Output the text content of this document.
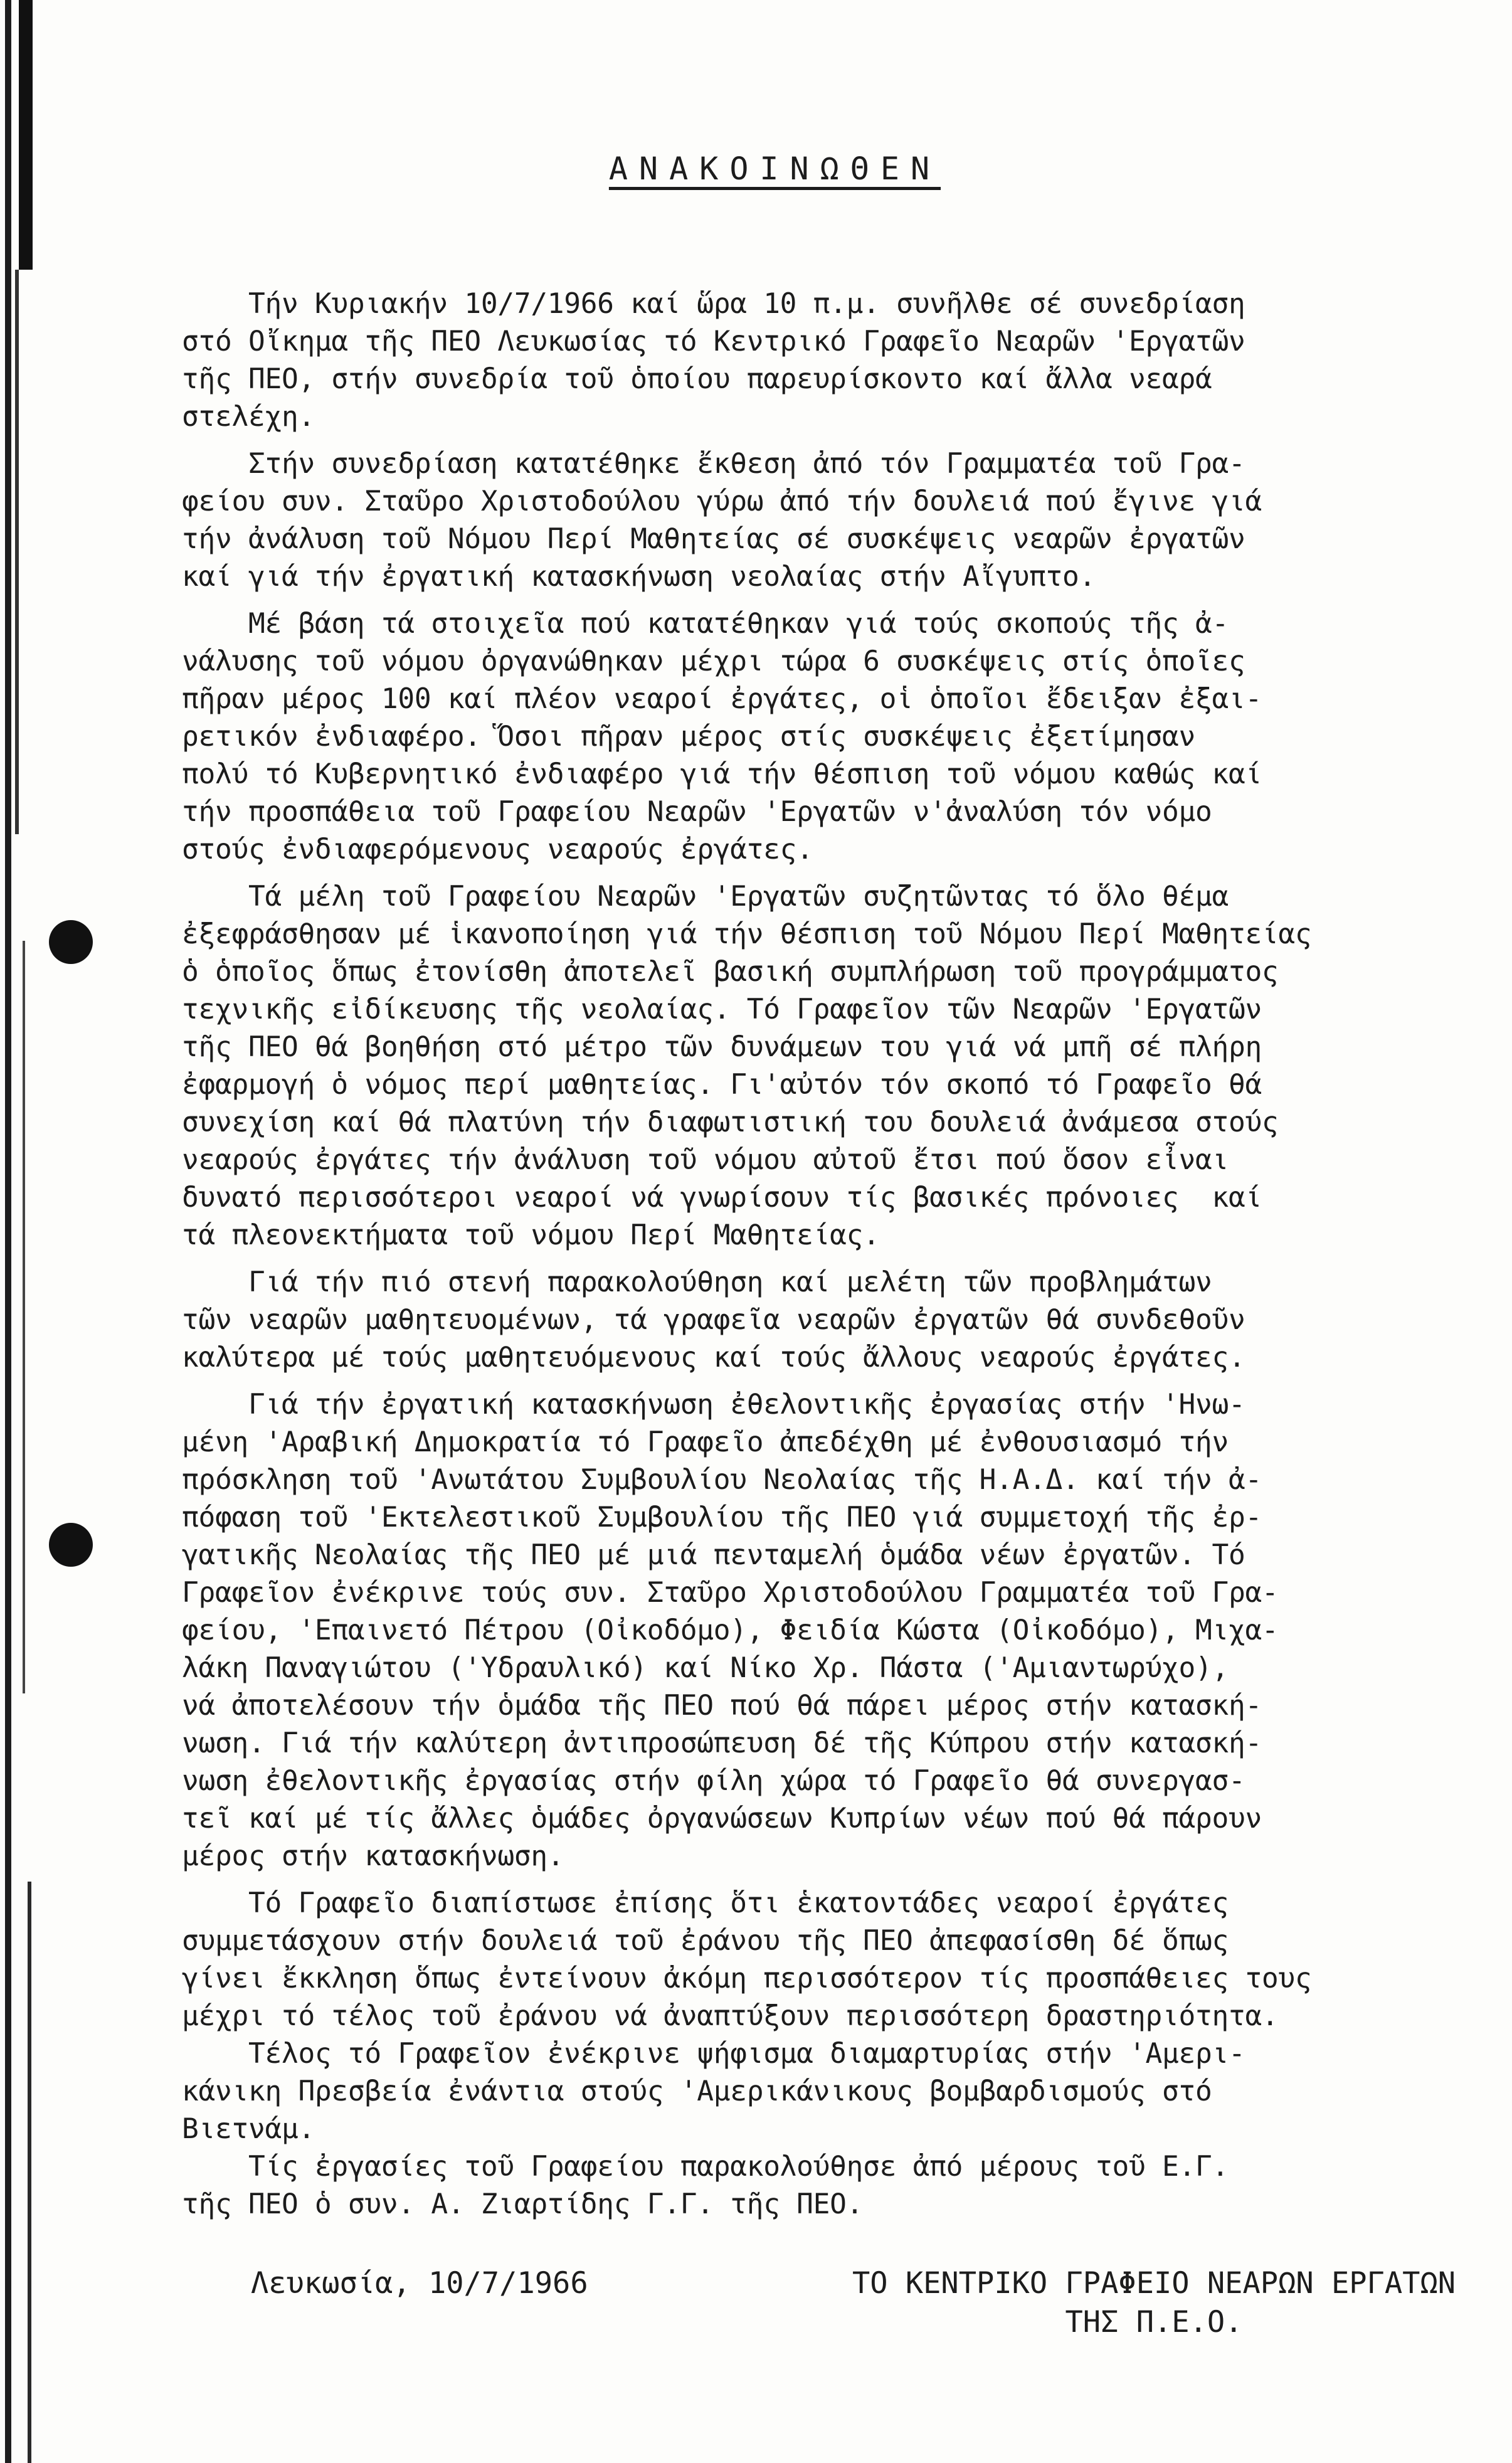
ΑΝΑΚΟΙΝΩΘΕΝ
Τήν Κυριακήν 10/7/1966 καί ὥρα 10 π.μ. συνῆλθε σέ συνεδρίαση
στό Οἴκημα τῆς ΠΕΟ Λευκωσίας τό Κεντρικό Γραφεῖο Νεαρῶν 'Εργατῶν
τῆς ΠΕΟ, στήν συνεδρία τοῦ ὁποίου παρευρίσκοντο καί ἄλλα νεαρά
στελέχη.
Στήν συνεδρίαση κατατέθηκε ἔκθεση ἀπό τόν Γραμματέα τοῦ Γρα-
φείου συν. Σταῦρο Χριστοδούλου γύρω ἀπό τήν δουλειά πού ἔγινε γιά
τήν ἀνάλυση τοῦ Νόμου Περί Μαθητείας σέ συσκέψεις νεαρῶν ἐργατῶν
καί γιά τήν ἐργατική κατασκήνωση νεολαίας στήν Αἴγυπτο.
Μέ βάση τά στοιχεῖα πού κατατέθηκαν γιά τούς σκοπούς τῆς ἀ-
νάλυσης τοῦ νόμου ὀργανώθηκαν μέχρι τώρα 6 συσκέψεις στίς ὁποῖες
πῆραν μέρος 100 καί πλέον νεαροί ἐργάτες, οἱ ὁποῖοι ἔδειξαν ἐξαι-
ρετικόν ἐνδιαφέρο. Ὅσοι πῆραν μέρος στίς συσκέψεις ἐξετίμησαν
πολύ τό Κυβερνητικό ἐνδιαφέρο γιά τήν θέσπιση τοῦ νόμου καθώς καί
τήν προσπάθεια τοῦ Γραφείου Νεαρῶν 'Εργατῶν ν'ἀναλύση τόν νόμο
στούς ἐνδιαφερόμενους νεαρούς ἐργάτες.
Τά μέλη τοῦ Γραφείου Νεαρῶν 'Εργατῶν συζητῶντας τό ὅλο θέμα
ἐξεφράσθησαν μέ ἱκανοποίηση γιά τήν θέσπιση τοῦ Νόμου Περί Μαθητείας
ὁ ὁποῖος ὅπως ἐτονίσθη ἀποτελεῖ βασική συμπλήρωση τοῦ προγράμματος
τεχνικῆς εἰδίκευσης τῆς νεολαίας. Τό Γραφεῖον τῶν Νεαρῶν 'Εργατῶν
τῆς ΠΕΟ θά βοηθήση στό μέτρο τῶν δυνάμεων του γιά νά μπῆ σέ πλήρη
ἐφαρμογή ὁ νόμος περί μαθητείας. Γι'αὐτόν τόν σκοπό τό Γραφεῖο θά
συνεχίση καί θά πλατύνη τήν διαφωτιστική του δουλειά ἀνάμεσα στούς
νεαρούς ἐργάτες τήν ἀνάλυση τοῦ νόμου αὐτοῦ ἔτσι πού ὅσον εἶναι
δυνατό περισσότεροι νεαροί νά γνωρίσουν τίς βασικές πρόνοιες  καί
τά πλεονεκτήματα τοῦ νόμου Περί Μαθητείας.
Γιά τήν πιό στενή παρακολούθηση καί μελέτη τῶν προβλημάτων
τῶν νεαρῶν μαθητευομένων, τά γραφεῖα νεαρῶν ἐργατῶν θά συνδεθοῦν
καλύτερα μέ τούς μαθητευόμενους καί τούς ἄλλους νεαρούς ἐργάτες.
Γιά τήν ἐργατική κατασκήνωση ἐθελοντικῆς ἐργασίας στήν 'Ηνω-
μένη 'Αραβική Δημοκρατία τό Γραφεῖο ἀπεδέχθη μέ ἐνθουσιασμό τήν
πρόσκληση τοῦ 'Ανωτάτου Συμβουλίου Νεολαίας τῆς Η.Α.Δ. καί τήν ἀ-
πόφαση τοῦ 'Εκτελεστικοῦ Συμβουλίου τῆς ΠΕΟ γιά συμμετοχή τῆς ἐρ-
γατικῆς Νεολαίας τῆς ΠΕΟ μέ μιά πενταμελή ὁμάδα νέων ἐργατῶν. Τό
Γραφεῖον ἐνέκρινε τούς συν. Σταῦρο Χριστοδούλου Γραμματέα τοῦ Γρα-
φείου, 'Επαινετό Πέτρου (Οἰκοδόμο), Φειδία Κώστα (Οἰκοδόμο), Μιχα-
λάκη Παναγιώτου ('Υδραυλικό) καί Νίκο Χρ. Πάστα ('Αμιαντωρύχο),
νά ἀποτελέσουν τήν ὁμάδα τῆς ΠΕΟ πού θά πάρει μέρος στήν κατασκή-
νωση. Γιά τήν καλύτερη ἀντιπροσώπευση δέ τῆς Κύπρου στήν κατασκή-
νωση ἐθελοντικῆς ἐργασίας στήν φίλη χώρα τό Γραφεῖο θά συνεργασ-
τεῖ καί μέ τίς ἄλλες ὁμάδες ὀργανώσεων Κυπρίων νέων πού θά πάρουν
μέρος στήν κατασκήνωση.
Τό Γραφεῖο διαπίστωσε ἐπίσης ὅτι ἑκατοντάδες νεαροί ἐργάτες
συμμετάσχουν στήν δουλειά τοῦ ἐράνου τῆς ΠΕΟ ἀπεφασίσθη δέ ὅπως
γίνει ἔκκληση ὅπως ἐντείνουν ἀκόμη περισσότερον τίς προσπάθειες τους
μέχρι τό τέλος τοῦ ἐράνου νά ἀναπτύξουν περισσότερη δραστηριότητα.
Τέλος τό Γραφεῖον ἐνέκρινε ψήφισμα διαμαρτυρίας στήν 'Αμερι-
κάνικη Πρεσβεία ἐνάντια στούς 'Αμερικάνικους βομβαρδισμούς στό
Βιετνάμ.
Τίς ἐργασίες τοῦ Γραφείου παρακολούθησε ἀπό μέρους τοῦ Ε.Γ.
τῆς ΠΕΟ ὁ συν. Α. Ζιαρτίδης Γ.Γ. τῆς ΠΕΟ.
Λευκωσία, 10/7/1966	ΤΟ ΚΕΝΤΡΙΚΟ ΓΡΑΦΕΙΟ ΝΕΑΡΩΝ ΕΡΓΑΤΩΝ
ΤΗΣ Π.Ε.Ο.
